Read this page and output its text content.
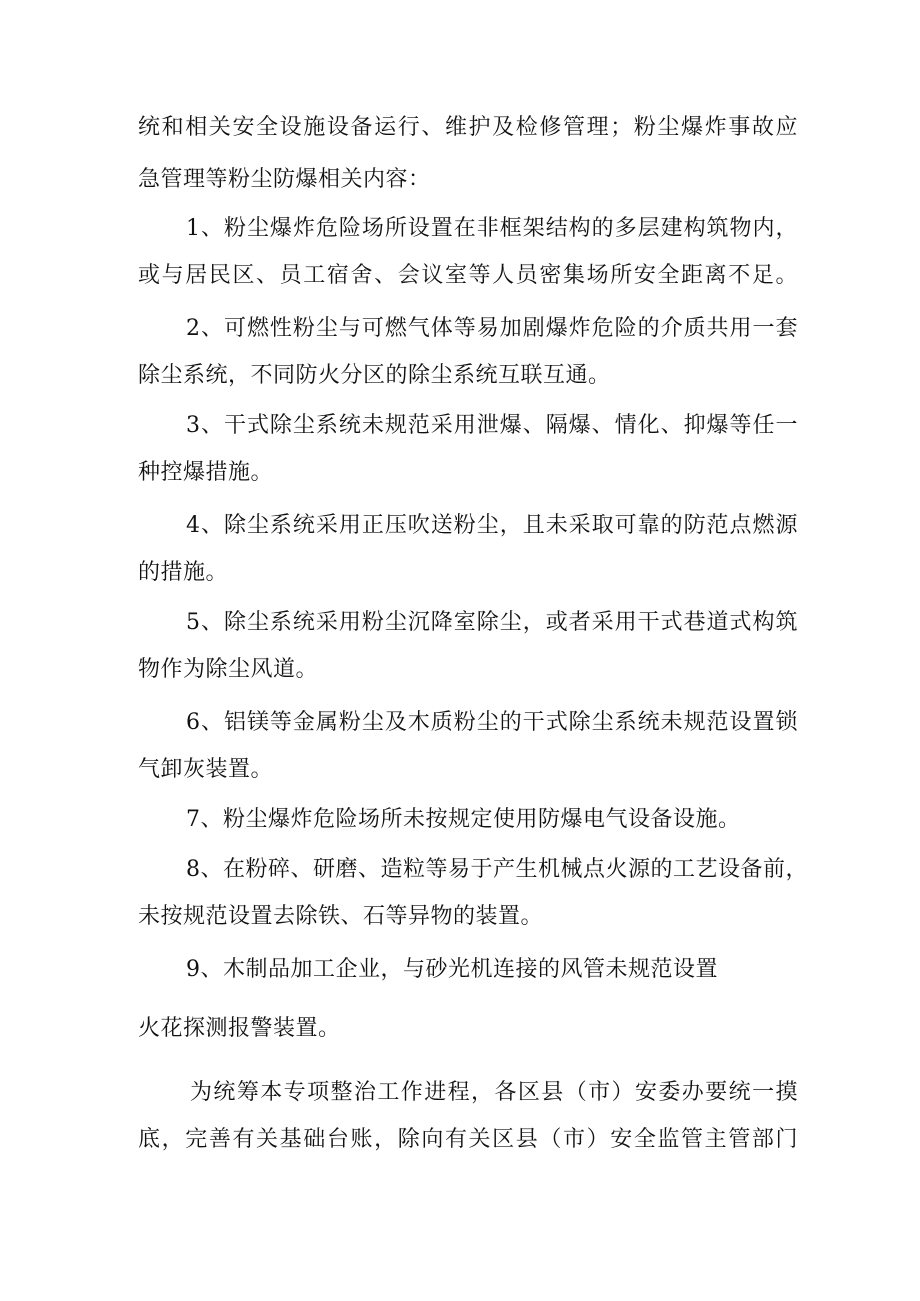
统和相关安全设施设备运行、维护及检修管理；粉尘爆炸事故应
急管理等粉尘防爆相关内容：
1、粉尘爆炸危险场所设置在非框架结构的多层建构筑物内，
或与居民区、员工宿舍、会议室等人员密集场所安全距离不足。
2、可燃性粉尘与可燃气体等易加剧爆炸危险的介质共用一套
除尘系统，不同防火分区的除尘系统互联互通。
3、干式除尘系统未规范采用泄爆、隔爆、情化、抑爆等任一
种控爆措施。
4、除尘系统采用正压吹送粉尘，且未采取可靠的防范点燃源
的措施。
5、除尘系统采用粉尘沉降室除尘，或者采用干式巷道式构筑
物作为除尘风道。
6、铝镁等金属粉尘及木质粉尘的干式除尘系统未规范设置锁
气卸灰装置。
7、粉尘爆炸危险场所未按规定使用防爆电气设备设施。
8、在粉碎、研磨、造粒等易于产生机械点火源的工艺设备前，
未按规范设置去除铁、石等异物的装置。
9、木制品加工企业，与砂光机连接的风管未规范设置
火花探测报警装置。
为统筹本专项整治工作进程，各区县（市）安委办要统一摸
底，完善有关基础台账，除向有关区县（市）安全监管主管部门
